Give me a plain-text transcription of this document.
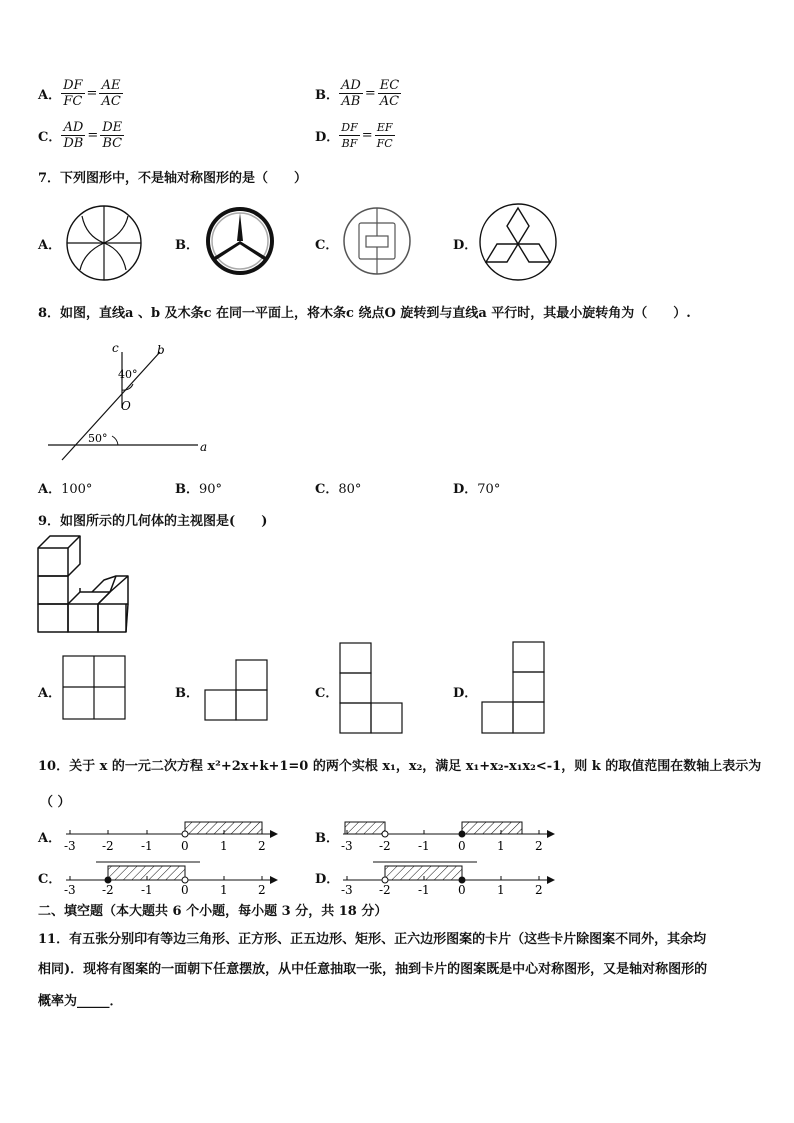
A． $\frac{DF}{FC} = \frac{AE}{AC}$	B． $\frac{AD}{AB} = \frac{EC}{AC}$
C． $\frac{AD}{DB} = \frac{DE}{BC}$	D． $\frac{DF}{BF} = \frac{EF}{FC}$
7．下列图形中，不是轴对称图形的是（　　）
A．	B．	C．	D．
8．如图，直线a 、b 及木条c 在同一平面上，将木条c 绕点O 旋转到与直线a 平行时，其最小旋转角为（　　）.
c	b
a
O
40°
50°
A．100°	B．90°	C．80°	D．70°
9．如图所示的几何体的主视图是(　　)
A．	B．	C．	D．
10．关于 x 的一元二次方程 x²+2x+k+1=0 的两个实根 x₁，x₂，满足 x₁+x₂-x₁x₂<-1，则 k 的取值范围在数轴上表示为
（ ）
A． -3 -2 -1 0	1	2	B． -3 -2 -1 0	1	2
C．
-3 -2 -1 0	1	2
D．
-3 -2 -1 0	1	2
二、填空题（本大题共 6 个小题，每小题 3 分，共 18 分）
11．有五张分别印有等边三角形、正方形、正五边形、矩形、正六边形图案的卡片（这些卡片除图案不同外，其余均
相同)．现将有图案的一面朝下任意摆放，从中任意抽取一张，抽到卡片的图案既是中心对称图形，又是轴对称图形的
概率为_____．
